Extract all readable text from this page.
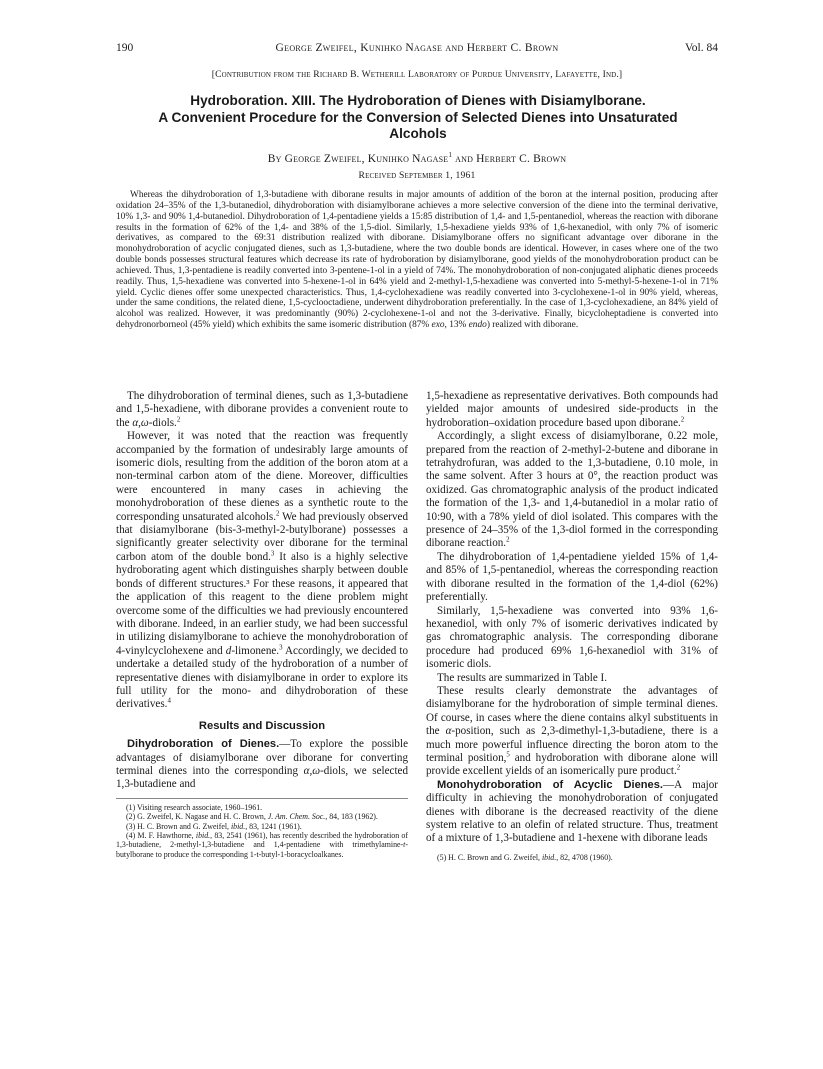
190	George Zweifel, Kunihko Nagase and Herbert C. Brown	Vol. 84
[Contribution from the Richard B. Wetherill Laboratory of Purdue University, Lafayette, Ind.]
Hydroboration. XIII. The Hydroboration of Dienes with Disiamylborane.
A Convenient Procedure for the Conversion of Selected Dienes into Unsaturated
Alcohols
By George Zweifel, Kunihko Nagase$^1$ and Herbert C. Brown
Received September 1, 1961

Whereas the dihydroboration of 1,3-butadiene with diborane results in major amounts of addition of the boron at the internal position, producing after oxidation 24–35% of the 1,3-butanediol, dihydroboration with disiamylborane achieves a more selective conversion of the diene into the terminal derivative, 10% 1,3- and 90% 1,4-butanediol. Dihydroboration of 1,4-pentadiene yields a 15:85 distribution of 1,4- and 1,5-pentanediol, whereas the reaction with diborane results in the formation of 62% of the 1,4- and 38% of the 1,5-diol. Similarly, 1,5-hexadiene yields 93% of 1,6-hexanediol, with only 7% of isomeric derivatives, as compared to the 69:31 distribution realized with diborane. Disiamylborane offers no significant advantage over diborane in the monohydroboration of acyclic conjugated dienes, such as 1,3-butadiene, where the two double bonds are identical. However, in cases where one of the two double bonds possesses structural features which decrease its rate of hydroboration by disiamylborane, good yields of the monohydroboration product can be achieved. Thus, 1,3-pentadiene is readily converted into 3-pentene-1-ol in a yield of 74%. The monohydroboration of non-conjugated aliphatic dienes proceeds readily. Thus, 1,5-hexadiene was converted into 5-hexene-1-ol in 64% yield and 2-methyl-1,5-hexadiene was converted into 5-methyl-5-hexene-1-ol in 71% yield. Cyclic dienes offer some unexpected characteristics. Thus, 1,4-cyclohexadiene was readily converted into 3-cyclohexene-1-ol in 90% yield, whereas, under the same conditions, the related diene, 1,5-cyclooctadiene, underwent dihydroboration preferentially. In the case of 1,3-cyclohexadiene, an 84% yield of alcohol was realized. However, it was predominantly (90%) 2-cyclohexene-1-ol and not the 3-derivative. Finally, bicycloheptadiene is converted into dehydronorborneol (45% yield) which exhibits the same isomeric distribution (87% exo, 13% endo) realized with diborane.

The dihydroboration of terminal dienes, such as 1,3-butadiene and 1,5-hexadiene, with diborane provides a convenient route to the α,ω-diols.$^2$

However, it was noted that the reaction was frequently accompanied by the formation of undesirably large amounts of isomeric diols, resulting from the addition of the boron atom at a non-terminal carbon atom of the diene. Moreover, difficulties were encountered in many cases in achieving the monohydroboration of these dienes as a synthetic route to the corresponding unsaturated alcohols.$^2$ We had previously observed that disiamylborane (bis-3-methyl-2-butylborane) possesses a significantly greater selectivity over diborane for the terminal carbon atom of the double bond.$^3$ It also is a highly selective hydroborating agent which distinguishes sharply between double bonds of different structures.³ For these reasons, it appeared that the application of this reagent to the diene problem might overcome some of the difficulties we had previously encountered with diborane. Indeed, in an earlier study, we had been successful in utilizing disiamylborane to achieve the monohydroboration of 4-vinylcyclohexene and d-limonene.$^3$ Accordingly, we decided to undertake a detailed study of the hydroboration of a number of representative dienes with disiamylborane in order to explore its full utility for the mono- and dihydroboration of these derivatives.$^4$

Results and Discussion

Dihydroboration of Dienes.—To explore the possible advantages of disiamylborane over diborane for converting terminal dienes into the corresponding α,ω-diols, we selected 1,3-butadiene and

(1) Visiting research associate, 1960–1961.

(2) G. Zweifel, K. Nagase and H. C. Brown, J. Am. Chem. Soc., 84, 183 (1962).

(3) H. C. Brown and G. Zweifel, ibid., 83, 1241 (1961).

(4) M. F. Hawthorne, ibid., 83, 2541 (1961), has recently described the hydroboration of 1,3-butadiene, 2-methyl-1,3-butadiene and 1,4-pentadiene with trimethylamine-t-butylborane to produce the corresponding 1-t-butyl-1-boracycloalkanes.

1,5-hexadiene as representative derivatives. Both compounds had yielded major amounts of undesired side-products in the hydroboration–oxidation procedure based upon diborane.$^2$

Accordingly, a slight excess of disiamylborane, 0.22 mole, prepared from the reaction of 2-methyl-2-butene and diborane in tetrahydrofuran, was added to the 1,3-butadiene, 0.10 mole, in the same solvent. After 3 hours at 0°, the reaction product was oxidized. Gas chromatographic analysis of the product indicated the formation of the 1,3- and 1,4-butanediol in a molar ratio of 10:90, with a 78% yield of diol isolated. This compares with the presence of 24–35% of the 1,3-diol formed in the corresponding diborane reaction.$^2$

The dihydroboration of 1,4-pentadiene yielded 15% of 1,4- and 85% of 1,5-pentanediol, whereas the corresponding reaction with diborane resulted in the formation of the 1,4-diol (62%) preferentially.

Similarly, 1,5-hexadiene was converted into 93% 1,6-hexanediol, with only 7% of isomeric derivatives indicated by gas chromatographic analysis. The corresponding diborane procedure had produced 69% 1,6-hexanediol with 31% of isomeric diols.

The results are summarized in Table I.

These results clearly demonstrate the advantages of disiamylborane for the hydroboration of simple terminal dienes. Of course, in cases where the diene contains alkyl substituents in the α-position, such as 2,3-dimethyl-1,3-butadiene, there is a much more powerful influence directing the boron atom to the terminal position,$^5$ and hydroboration with diborane alone will provide excellent yields of an isomerically pure product.$^2$

Monohydroboration of Acyclic Dienes.—A major difficulty in achieving the monohydroboration of conjugated dienes with diborane is the decreased reactivity of the diene system relative to an olefin of related structure. Thus, treatment of a mixture of 1,3-butadiene and 1-hexene with diborane leads

(5) H. C. Brown and G. Zweifel, ibid., 82, 4708 (1960).
